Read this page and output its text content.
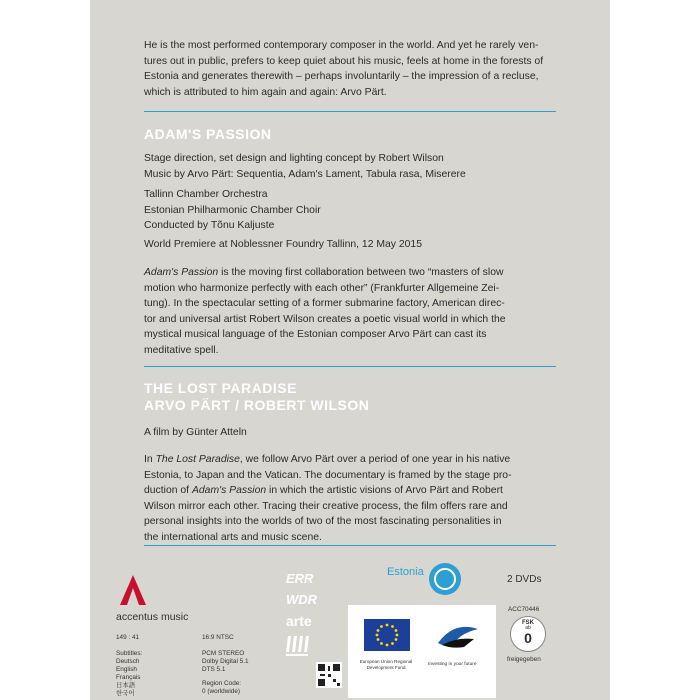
He is the most performed contemporary composer in the world. And yet he rarely ven-
tures out in public, prefers to keep quiet about his music, feels at home in the forests of
Estonia and generates therewith – perhaps involuntarily – the impression of a recluse,
which is attributed to him again and again: Arvo Pärt.

ADAM'S PASSION

Stage direction, set design and lighting concept by Robert Wilson
Music by Arvo Pärt: Sequentia, Adam's Lament, Tabula rasa, Miserere

Tallinn Chamber Orchestra
Estonian Philharmonic Chamber Choir
Conducted by Tõnu Kaljuste

World Premiere at Noblessner Foundry Tallinn, 12 May 2015

Adam's Passion is the moving first collaboration between two “masters of slow
motion who harmonize perfectly with each other” (Frankfurter Allgemeine Zei-
tung). In the spectacular setting of a former submarine factory, American direc-
tor and universal artist Robert Wilson creates a poetic visual world in which the
mystical musical language of the Estonian composer Arvo Pärt can cast its
meditative spell.

THE LOST PARADISE
ARVO PÄRT / ROBERT WILSON

A film by Günter Atteln

In The Lost Paradise, we follow Arvo Pärt over a period of one year in his native
Estonia, to Japan and the Vatican. The documentary is framed by the stage pro-
duction of Adam's Passion in which the artistic visions of Arvo Pärt and Robert
Wilson mirror each other. Tracing their creative process, the film offers rare and
personal insights into the worlds of two of the most fascinating personalities in
the international arts and music scene.

accentus music
149 : 41
Subtitles:
Deutsch
English
Français
日本語
한국어
16:9 NTSC
PCM STEREO
Dolby Digital 5.1
DTS 5.1
Region Code:
0 (worldwide)
ERR
WDR
arte
Estonia
European Union Regional Development Fund
Investing in your future
2 DVDs
ACC70446
FSK
ab
0
freigegeben
